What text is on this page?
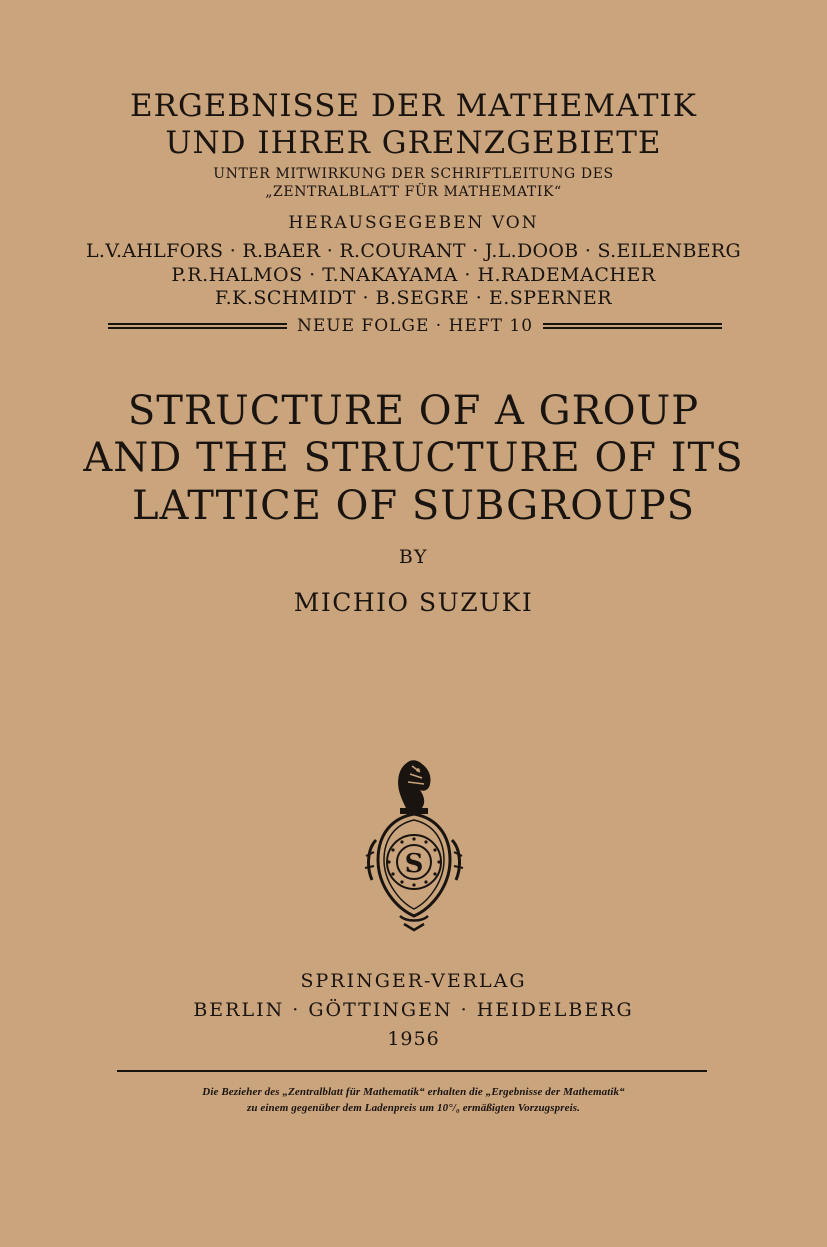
ERGEBNISSE DER MATHEMATIK
UND IHRER GRENZGEBIETE
UNTER MITWIRKUNG DER SCHRIFTLEITUNG DES
„ZENTRALBLATT FÜR MATHEMATIK“
HERAUSGEGEBEN VON
L.V.AHLFORS · R.BAER · R.COURANT · J.L.DOOB · S.EILENBERG
P.R.HALMOS · T.NAKAYAMA · H.RADEMACHER
F.K.SCHMIDT · B.SEGRE · E.SPERNER
NEUE FOLGE · HEFT 10
STRUCTURE OF A GROUP
AND THE STRUCTURE OF ITS
LATTICE OF SUBGROUPS
BY
MICHIO SUZUKI
S
SPRINGER-VERLAG
BERLIN · GÖTTINGEN · HEIDELBERG
1956
Die Bezieher des „Zentralblatt für Mathematik“ erhalten die „Ergebnisse der Mathematik“
zu einem gegenüber dem Ladenpreis um 10°/₀ ermäßigten Vorzugspreis.
